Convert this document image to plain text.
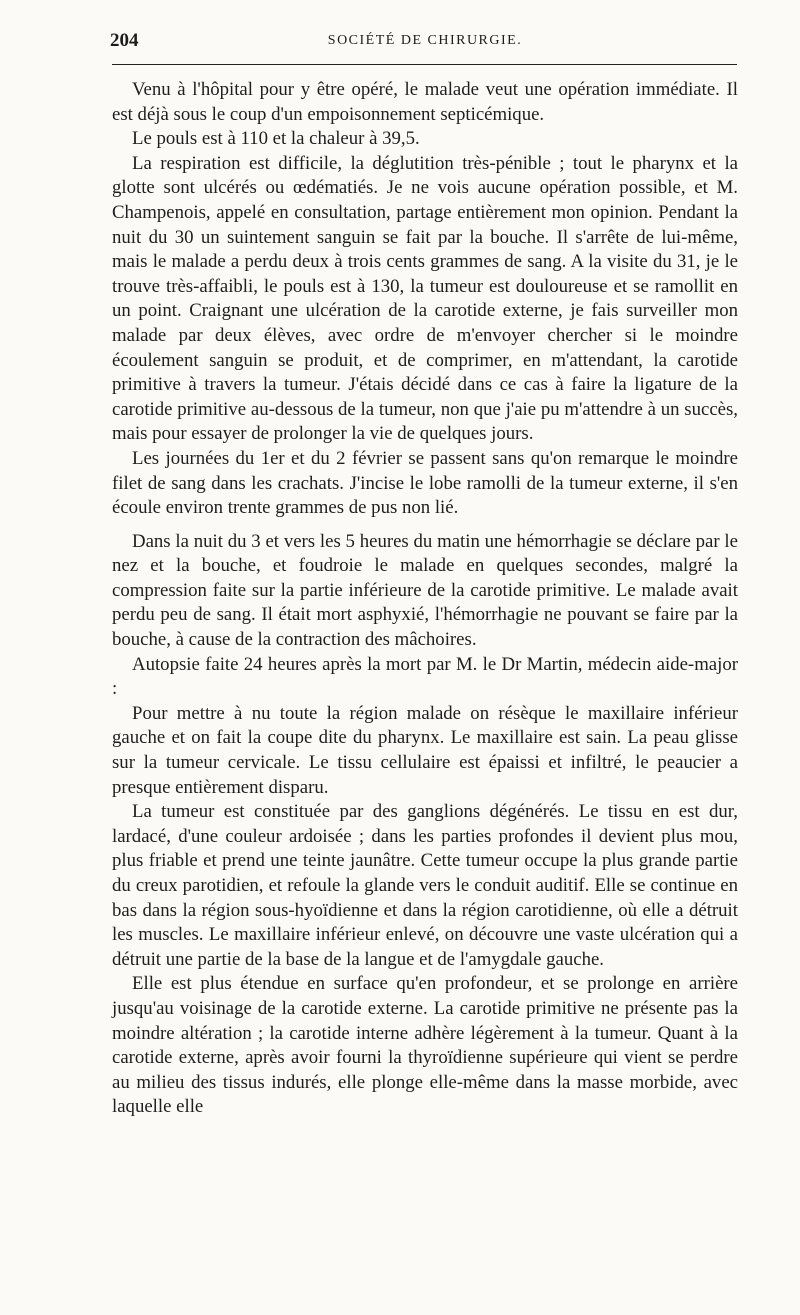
204	SOCIÉTÉ DE CHIRURGIE.

Venu à l'hôpital pour y être opéré, le malade veut une opération immédiate. Il est déjà sous le coup d'un empoisonnement septicémique.

Le pouls est à 110 et la chaleur à 39,5.

La respiration est difficile, la déglutition très-pénible ; tout le pharynx et la glotte sont ulcérés ou œdématiés. Je ne vois aucune opération possible, et M. Champenois, appelé en consultation, partage entièrement mon opinion. Pendant la nuit du 30 un suintement sanguin se fait par la bouche. Il s'arrête de lui-même, mais le malade a perdu deux à trois cents grammes de sang. A la visite du 31, je le trouve très-affaibli, le pouls est à 130, la tumeur est douloureuse et se ramollit en un point. Craignant une ulcération de la carotide externe, je fais surveiller mon malade par deux élèves, avec ordre de m'envoyer chercher si le moindre écoulement sanguin se produit, et de comprimer, en m'attendant, la carotide primitive à travers la tumeur. J'étais décidé dans ce cas à faire la ligature de la carotide primitive au-dessous de la tumeur, non que j'aie pu m'attendre à un succès, mais pour essayer de prolonger la vie de quelques jours.

Les journées du 1er et du 2 février se passent sans qu'on remarque le moindre filet de sang dans les crachats. J'incise le lobe ramolli de la tumeur externe, il s'en écoule environ trente grammes de pus non lié.

Dans la nuit du 3 et vers les 5 heures du matin une hémorrhagie se déclare par le nez et la bouche, et foudroie le malade en quelques secondes, malgré la compression faite sur la partie inférieure de la carotide primitive. Le malade avait perdu peu de sang. Il était mort asphyxié, l'hémorrhagie ne pouvant se faire par la bouche, à cause de la contraction des mâchoires.

Autopsie faite 24 heures après la mort par M. le Dr Martin, médecin aide-major :

Pour mettre à nu toute la région malade on résèque le maxillaire inférieur gauche et on fait la coupe dite du pharynx. Le maxillaire est sain. La peau glisse sur la tumeur cervicale. Le tissu cellulaire est épaissi et infiltré, le peaucier a presque entièrement disparu.

La tumeur est constituée par des ganglions dégénérés. Le tissu en est dur, lardacé, d'une couleur ardoisée ; dans les parties profondes il devient plus mou, plus friable et prend une teinte jaunâtre. Cette tumeur occupe la plus grande partie du creux parotidien, et refoule la glande vers le conduit auditif. Elle se continue en bas dans la région sous-hyoïdienne et dans la région carotidienne, où elle a détruit les muscles. Le maxillaire inférieur enlevé, on découvre une vaste ulcération qui a détruit une partie de la base de la langue et de l'amygdale gauche.

Elle est plus étendue en surface qu'en profondeur, et se prolonge en arrière jusqu'au voisinage de la carotide externe. La carotide primitive ne présente pas la moindre altération ; la carotide interne adhère légèrement à la tumeur. Quant à la carotide externe, après avoir fourni la thyroïdienne supérieure qui vient se perdre au milieu des tissus indurés, elle plonge elle-même dans la masse morbide, avec laquelle elle
